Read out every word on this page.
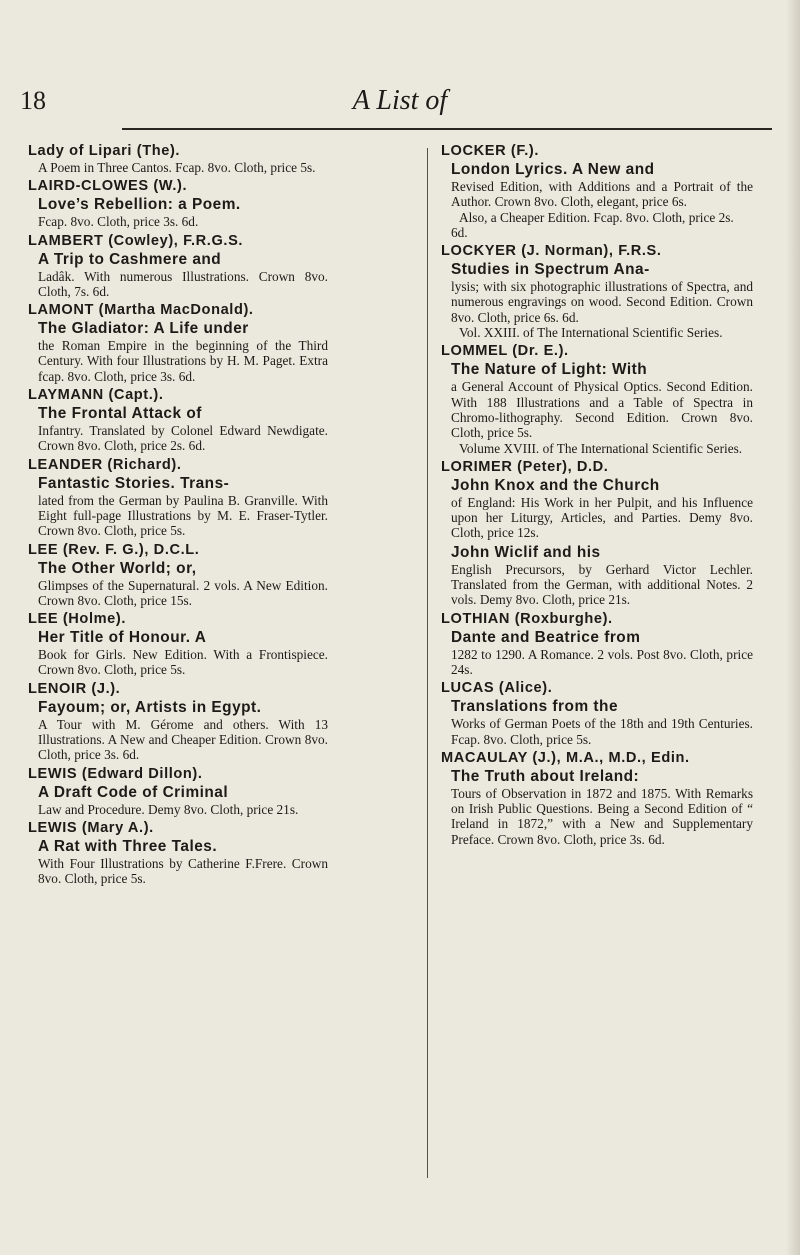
18	A List of
Lady of Lipari (The).
A Poem in Three Cantos. Fcap. 8vo. Cloth, price 5s.
LAIRD-CLOWES (W.).
Love’s Rebellion: a Poem.
Fcap. 8vo. Cloth, price 3s. 6d.
LAMBERT (Cowley), F.R.G.S.
A Trip to Cashmere and
Ladâk. With numerous Illustrations. Crown 8vo. Cloth, 7s. 6d.
LAMONT (Martha MacDonald).
The Gladiator: A Life under
the Roman Empire in the beginning of the Third Century. With four Illustrations by H. M. Paget. Extra fcap. 8vo. Cloth, price 3s. 6d.
LAYMANN (Capt.).
The Frontal Attack of
Infantry. Translated by Colonel Edward Newdigate. Crown 8vo. Cloth, price 2s. 6d.
LEANDER (Richard).
Fantastic Stories. Trans-
lated from the German by Paulina B. Granville. With Eight full-page Illustrations by M. E. Fraser-Tytler. Crown 8vo. Cloth, price 5s.
LEE (Rev. F. G.), D.C.L.
The Other World; or,
Glimpses of the Supernatural. 2 vols. A New Edition. Crown 8vo. Cloth, price 15s.
LEE (Holme).
Her Title of Honour. A
Book for Girls. New Edition. With a Frontispiece. Crown 8vo. Cloth, price 5s.
LENOIR (J.).
Fayoum; or, Artists in Egypt.
A Tour with M. Gérome and others. With 13 Illustrations. A New and Cheaper Edition. Crown 8vo. Cloth, price 3s. 6d.
LEWIS (Edward Dillon).
A Draft Code of Criminal
Law and Procedure. Demy 8vo. Cloth, price 21s.
LEWIS (Mary A.).
A Rat with Three Tales.
With Four Illustrations by Catherine F.Frere. Crown 8vo. Cloth, price 5s.
LOCKER (F.).
London Lyrics. A New and
Revised Edition, with Additions and a Portrait of the Author. Crown 8vo. Cloth, elegant, price 6s.
Also, a Cheaper Edition. Fcap. 8vo. Cloth, price 2s. 6d.
LOCKYER (J. Norman), F.R.S.
Studies in Spectrum Ana-
lysis; with six photographic illustrations of Spectra, and numerous engravings on wood. Second Edition. Crown 8vo. Cloth, price 6s. 6d.
Vol. XXIII. of The International Scientific Series.
LOMMEL (Dr. E.).
The Nature of Light: With
a General Account of Physical Optics. Second Edition. With 188 Illustrations and a Table of Spectra in Chromo-lithography. Second Edition. Crown 8vo. Cloth, price 5s.
Volume XVIII. of The International Scientific Series.
LORIMER (Peter), D.D.
John Knox and the Church
of England: His Work in her Pulpit, and his Influence upon her Liturgy, Articles, and Parties. Demy 8vo. Cloth, price 12s.
John Wiclif and his
English Precursors, by Gerhard Victor Lechler. Translated from the German, with additional Notes. 2 vols. Demy 8vo. Cloth, price 21s.
LOTHIAN (Roxburghe).
Dante and Beatrice from
1282 to 1290. A Romance. 2 vols. Post 8vo. Cloth, price 24s.
LUCAS (Alice).
Translations from the
Works of German Poets of the 18th and 19th Centuries. Fcap. 8vo. Cloth, price 5s.
MACAULAY (J.), M.A., M.D., Edin.
The Truth about Ireland:
Tours of Observation in 1872 and 1875. With Remarks on Irish Public Questions. Being a Second Edition of “ Ireland in 1872,” with a New and Supplementary Preface. Crown 8vo. Cloth, price 3s. 6d.
